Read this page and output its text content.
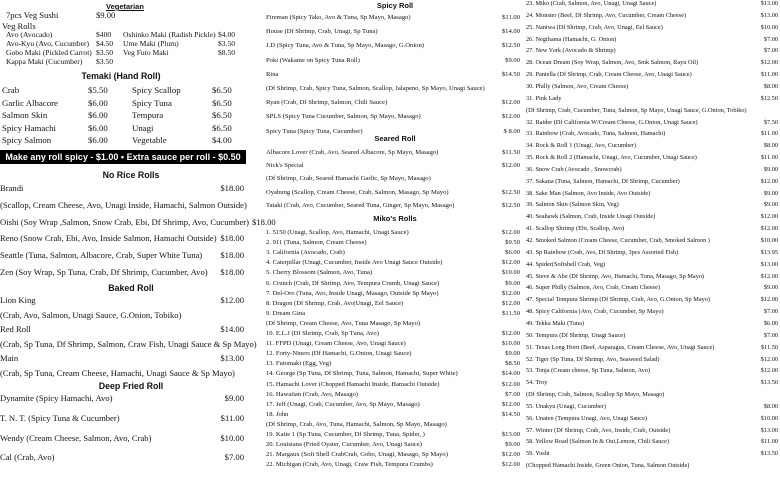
Vegetarian
7pcs Veg Sushi	$9.00
Veg Rolls
Avo (Avocado)	$400 Oshinko Maki (Radish Pickle) $4.00
Avo-Kyu (Avo, Cucumber) $4.50 Ume Maki (Plum)	$3.50
Gobo Maki (Pickled Carrot) $3.50 Veg Futo Maki	$8.50
Kappa Maki (Cucumber) $3.50
Temaki (Hand Roll)
Crab	$5.50	Spicy Scallop	$6.50
Garlic Albacore	$6.00	Spicy Tuna	$6.50
Salmon Skin	$6.00	Tempura	$6.50
Spicy Hamachi	$6.00	Unagi	$6.50
Spicy Salmon	$6.00	Vegetable	$4.00
Make any roll spicy - $1.00 • Extra sauce per roll - $0.50
No Rice Rolls
Brandi	$18.00
(Scallop, Cream Cheese, Avo, Unagi Inside, Hamachi, Salmon Outside)
Oishi (Soy Wrap ,Salmon, Snow Crab, Ebi, Df Shrimp, Avo, Cucumber) $18.00
Reno (Snow Crab, Ebi, Avo, Inside Salmon, Hamachi Outside) $18.00
Seattle (Tuna, Salmon, Albacore, Crab, Super White Tuna)	$18.00
Zen (Soy Wrap, Sp Tuna, Crab, Df Shrimp, Cucumber, Avo)	$18.00
Baked Roll
Lion King	$12.00
(Crab, Avo, Salmon, Unagi Sauce, G.Onion, Tobiko)
Red Roll	$14.00
(Crab, Sp Tuna, Df Shrimp, Salmon, Craw Fish, Unagi Sauce & Sp Mayo)
Main	$13.00
(Crab, Sp Tuna, Cream Cheese, Hamachi, Unagi Sauce & Sp Mayo)
Deep Fried Roll
Dynamite (Spicy Hamachi, Avo)	$9.00
T. N. T. (Spicy Tuna & Cucumber)	$11.00
Wendy (Cream Cheese, Salmon, Avo, Crab)	$10.00
Cal (Crab, Avo)	$7.00
Spicy Roll
Fireman (Spicy Tako, Avo & Tuna, Sp Mayo, Masago)	$11.00
House (Df Shrimp, Crab, Unagi, Sp Tuna)	$14.00
J.D (Spicy Tuna, Avo & Tuna, Sp Mayo, Masago, G.Onion)	$12.50
Poki (Wakame on Spicy Tuna Roll)	$9.00
Rina	$14.50
(Df Shrimp, Crab, Spicy Tuna, Salmon, Scallop, Jalapeno, Sp Mayo, Unagi Sauce)
Ryan (Crab, Df Shrimp, Salmon, Chili Sauce)	$12.00
SPLS (Spicy Tuna Cucumber, Salmon, Sp Mayo, Masago)	$12.00
Spicy Tuna (Spicy Tuna, Cucumber)	$ 8.00
Seared Roll
Albacore Lover (Crab, Avo, Seared Albacore, Sp Mayo, Masago)	$11.50
Nick's Special	$12.00
(Df Shrimp, Crab, Seared Hamachi Garlic, Sp Mayo, Masago)
Oyabung (Scallop, Cream Cheese, Crab, Salmon, Masago, Sp Mayo)	$12.50
Tataki (Crab, Avo, Cucumber, Seared Tuna, Ginger, Sp Mayo, Masago)	$12.50
Miko's Rolls
1. 5150 (Unagi, Scallop, Avo, Hamachi, Unagi Sauce)	$12.00
2. 911 (Tuna, Salmon, Cream Cheese)	$9.50
3. California (Avocado, Crab)	$6.00
4. Caterpillar (Unagi, Cucumber, Inside Avo Unagi Sauce Outside)	$12.00
5. Cherry Blossom (Salmon, Avo, Tuna)	$10.00
6. Crunch (Crab, Df Shrimp, Avo, Tempura Crumb, Unagi Sauce)	$9.00
7. Del-Oro (Tuna, Avo, Inside Unagi, Masago, Outside Sp Mayo)	$12.00
8. Dragon (Df Shrimp, Crab, Avo|Unagi, Eel Sauce)	$12.00
9. Dream Gina	$11.50
(Df Shrimp, Cream Cheese, Avo, Tuna Masago, Sp Mayo)
10. E.L.J (Df Shrimp, Crab, Sp Tuna, Avo)	$12.00
11. FFPD (Unagi, Cream Cheese, Avo, Unagi Sauce)	$10.00
12. Forty-Niners (Df Hamachi, G.Onion, Unagi Sauce)	$9.00
13. Futomaki (Egg, Veg)	$8.50
14. George (Sp Tuna, Df Shrimp, Tuna, Salmon, Hamachi, Super White)	$14.00
15. Hamachi Lover (Chopped Hamachi Inside, Hamachi Outside)	$12.00
16. Hawaiian (Crab, Avo, Masago)	$7.00
17. Jeff (Unagi, Crab, Cucumber, Avo, Sp Mayo, Masago)	$12.00
18. John	$14.50
(Df Shrimp, Crab, Avo, Tuna, Hamachi, Salmon, Sp Mayo, Masago)
19. Katie 1 (Sp Tuna, Cucumber, Df Shrimp, Tuna, Spider, )	$13.00
20. Louisiana (Fried Oyster, Cucumber, Avo, Unagi Sauce)	$9.00
21. Margaux (Soft Shell CrabCrab, Gobo, Unagi, Masago, Sp Mayo)	$12.00
22. Michigan (Crab, Avo, Unagi, Craw Fish, Tempura Crumbs)	$12.00
23. Miko (Crab, Salmon, Avo, Unagi, Unagi Sauce)	$13.00
24. Monster (Beef, Df Shrimp, Avo, Cucumber, Cream Cheese)	$13.00
25. Naniwa (Df Shrimp, Crab, Avo, Unagi, Eel Sauce)	$10.00
26. Negihama (Hamachi, G. Onion)	$7.00
27. New York (Avocado & Shrimp)	$7.00
28. Ocean Dream (Soy Wrap, Salmon, Avo, Smk Salmon, Rayu Oil)	$12.00
29. Paniella (Df Shrimp, Crab, Cream Cheese, Avo, Unagi Sauce)	$11.00
30. Philly (Salmon, Avo, Cream Cheese)	$8.00
31. Pink Lady	$12.50
(Df Shrimp, Crab, Cucumber, Tuna, Salmon, Sp Mayo, Unagi Sauce, G.Onion, Tobiko)
32. Raider (Df California W/Cream Cheese, G.Onion, Unagi Sauce)	$7.50
33. Rainbow (Crab, Avocado, Tuna, Salmon, Hamachi)	$11.00
34. Rock & Roll 1 (Unagi, Avo, Cucumber)	$8.00
35. Rock & Roll 2 (Hamachi, Unagi, Avo, Cucumber, Unagi Sauce)	$11.00
36. Snow Crab (Avocado , Snowcrab)	$9.00
37. Sakana (Tuna, Salmon, Hamachi, Df Shrimp, Cucumber)	$12.00
38. Sake Man (Salmon, Avo Inside, Avo Outside)	$9.00
39. Salmon Skin (Salmon Skin, Veg)	$9.00
40. Seahawk (Salmon, Crab, Inside Unagi Outside)	$12.00
41. Scallop Shrimp (Ebi, Scallop, Avo)	$12.00
42. Smoked Salmon (Cream Cheese, Cucumber, Crab, Smoked Salmon )	$10.00
43. Sp Rainbow (Crab, Avo, Df Shrimp, 3pcs Assorted Fish)	$13.95
44. Spider(Softshell Crab, Veg)	$13.00
45. Steve & Abe (Df Shrimp, Avo, Hamachi, Tuna, Masago, Sp Mayo)	$12.00
46. Super Philly (Salmon, Avo, Crab, Cream Cheese)	$9.00
47. Special Tempura Shrimp (Df Shrimp, Crab, Avo, G.Onion, Sp Mayo)	$12.00
48. Spicy California (Avo, Crab, Cucumber, Sp Mayo)	$7.00
49. Tekka Maki (Tuna)	$6.00
50. Tempura (Df Shrimp, Unagi Sauce)	$7.00
51. Texas Long Horn (Beef, Asparagus, Cream Cheese, Avo, Unagi Sauce)	$11.50
52. Tiger (Sp Tuna, Df Shrimp, Avo, Seaweed Salad)	$12.00
53. Tonja (Cream cheese, Sp Tuna, Salmon, Avo)	$12.00
54. Troy	$13.50
(Df Shrimp, Crab, Salmon, Scallop Sp Mayo, Masago)
55. Unakyu (Unagi, Cucumber)	$8.00
56. Unaten (Tempura Unagi, Avo, Unagi Sauce)	$10.00
57. Winter (Df Shrimp, Crab, Avo, Inside, Crab, Outside)	$13.00
58. Yellow Road (Salmon In & Out,Lemon, Chili Sauce)	$11.00
59. Yoshi	$13.50
(Chopped Hamachi Inside, Green Onion, Tuna, Salmon Outside)
